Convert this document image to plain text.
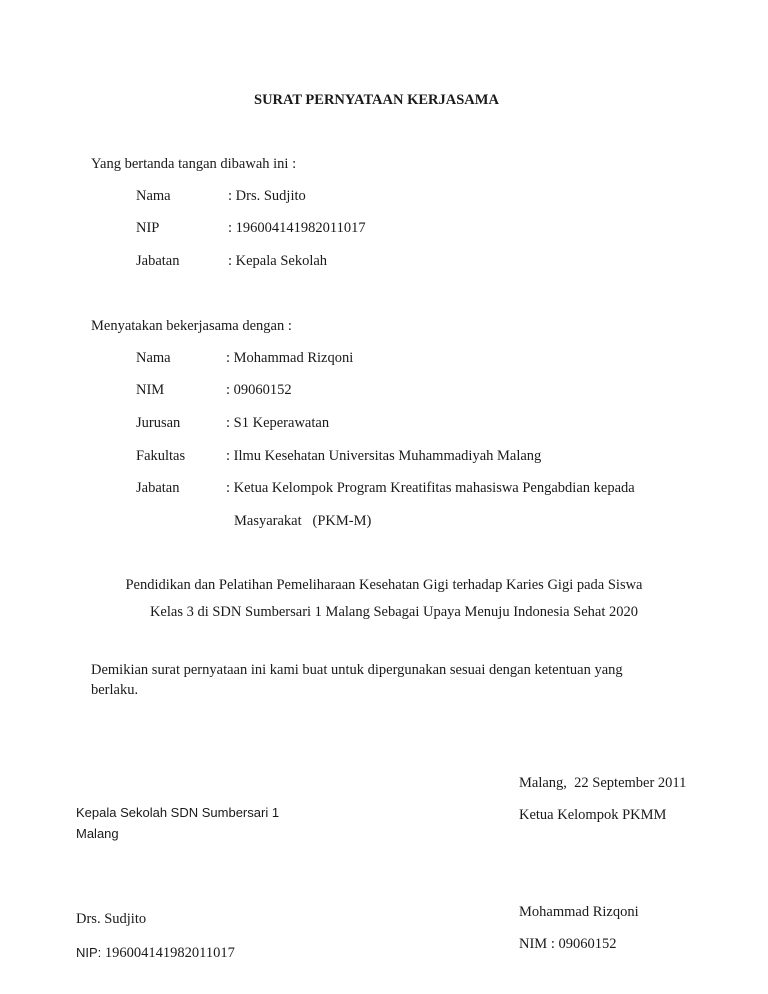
SURAT PERNYATAAN KERJASAMA
Yang bertanda tangan dibawah ini :
Nama	: Drs. Sudjito
NIP	: 196004141982011017
Jabatan	: Kepala Sekolah
Menyatakan bekerjasama dengan :
Nama	: Mohammad Rizqoni
NIM	: 09060152
Jurusan	: S1 Keperawatan
Fakultas	: Ilmu Kesehatan Universitas Muhammadiyah Malang
Jabatan	: Ketua Kelompok Program Kreatifitas mahasiswa Pengabdian kepada
Masyarakat   (PKM-M)
Pendidikan dan Pelatihan Pemeliharaan Kesehatan Gigi terhadap Karies Gigi pada Siswa
Kelas 3 di SDN Sumbersari 1 Malang Sebagai Upaya Menuju Indonesia Sehat 2020
Demikian surat pernyataan ini kami buat untuk dipergunakan sesuai dengan ketentuan yang
berlaku.
Malang,  22 September 2011
Kepala Sekolah SDN Sumbersari 1
Malang
Drs. Sudjito
NIP: 196004141982011017
Ketua Kelompok PKMM
Mohammad Rizqoni
NIM : 09060152
